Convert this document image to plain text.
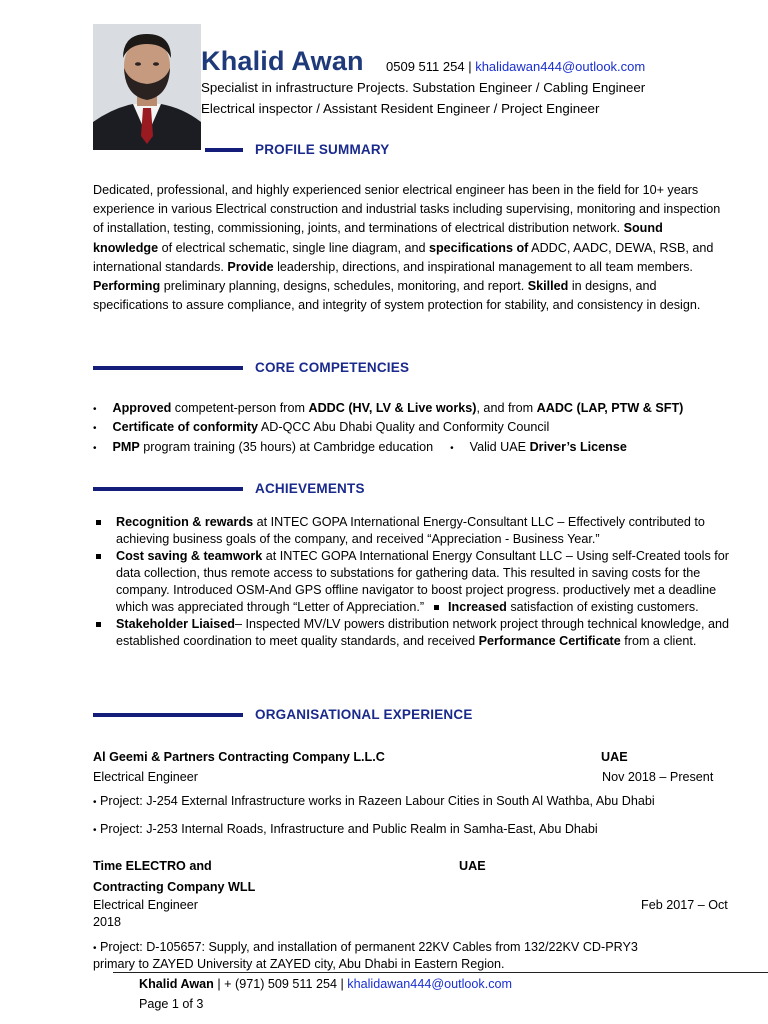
Khalid Awan 0509 511 254 | khalidawan444@outlook.com
Specialist in infrastructure Projects. Substation Engineer / Cabling Engineer
Electrical inspector / Assistant Resident Engineer / Project Engineer
PROFILE SUMMARY
Dedicated, professional, and highly experienced senior electrical engineer has been in the field for 10+ years experience in various Electrical construction and industrial tasks including supervising, monitoring and inspection of installation, testing, commissioning, joints, and terminations of electrical distribution network. Sound knowledge of electrical schematic, single line diagram, and specifications of ADDC, AADC, DEWA, RSB, and international standards. Provide leadership, directions, and inspirational management to all team members. Performing preliminary planning, designs, schedules, monitoring, and report. Skilled in designs, and specifications to assure compliance, and integrity of system protection for stability, and consistency in design.
CORE COMPETENCIES
• Approved competent-person from ADDC (HV, LV & Live works), and from AADC (LAP, PTW & SFT)
• Certificate of conformity AD-QCC Abu Dhabi Quality and Conformity Council
• PMP program training (35 hours) at Cambridge education • Valid UAE Driver’s License
ACHIEVEMENTS
Recognition & rewards at INTEC GOPA International Energy-Consultant LLC – Effectively contributed to achieving business goals of the company, and received “Appreciation - Business Year.”
Cost saving & teamwork at INTEC GOPA International Energy Consultant LLC – Using self-Created tools for data collection, thus remote access to substations for gathering data. This resulted in saving costs for the company. Introduced OSM-And GPS offline navigator to boost project progress. productively met a deadline which was appreciated through “Letter of Appreciation.” Increased satisfaction of existing customers.
Stakeholder Liaised– Inspected MV/LV powers distribution network project through technical knowledge, and established coordination to meet quality standards, and received Performance Certificate from a client.
ORGANISATIONAL EXPERIENCE
Al Geemi & Partners Contracting Company L.L.C	UAE
Electrical Engineer	Nov 2018 – Present
• Project: J-254 External Infrastructure works in Razeen Labour Cities in South Al Wathba, Abu Dhabi
• Project: J-253 Internal Roads, Infrastructure and Public Realm in Samha-East, Abu Dhabi
Time ELECTRO and	UAE
Contracting Company WLL
Electrical Engineer	Feb 2017 – Oct
2018
• Project: D-105657: Supply, and installation of permanent 22KV Cables from 132/22KV CD-PRY3
primary to ZAYED University at ZAYED city, Abu Dhabi in Eastern Region.
Khalid Awan | + (971) 509 511 254 | khalidawan444@outlook.com
Page 1 of 3
